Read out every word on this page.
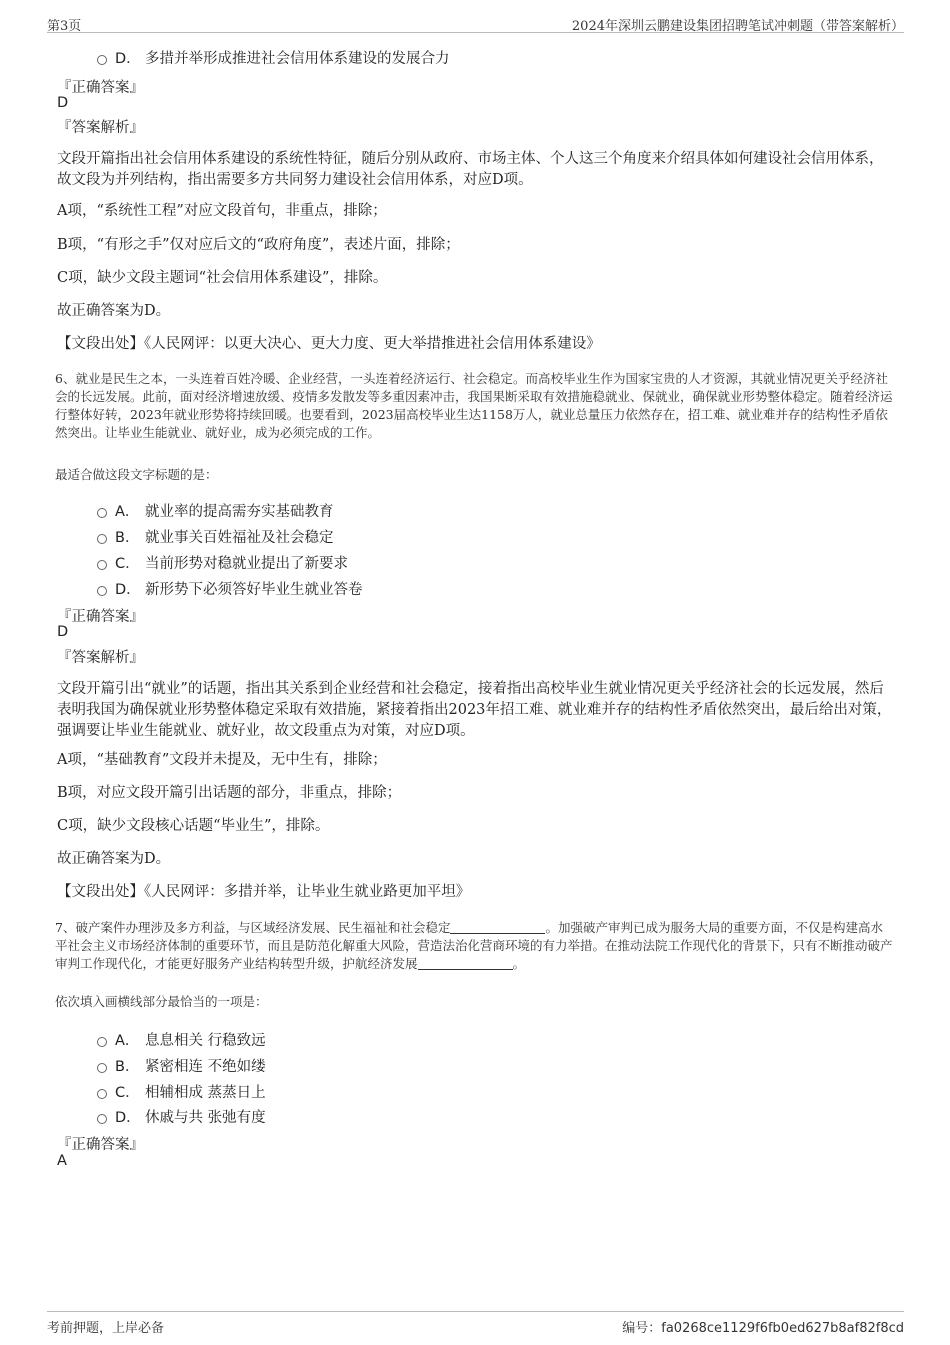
第3页	2024年深圳云鹏建设集团招聘笔试冲刺题（带答案解析）
D． 多措并举形成推进社会信用体系建设的发展合力
『正确答案』
D
『答案解析』
文段开篇指出社会信用体系建设的系统性特征，随后分别从政府、市场主体、个人这三个角度来介绍具体如何建设社会信用体系，故文段为并列结构，指出需要多方共同努力建设社会信用体系，对应D项。
A项，“系统性工程”对应文段首句，非重点，排除；
B项，“有形之手”仅对应后文的“政府角度”，表述片面，排除；
C项，缺少文段主题词“社会信用体系建设”，排除。
故正确答案为D。
【文段出处】《人民网评：以更大决心、更大力度、更大举措推进社会信用体系建设》
6、就业是民生之本，一头连着百姓冷暖、企业经营，一头连着经济运行、社会稳定。而高校毕业生作为国家宝贵的人才资源，其就业情况更关乎经济社会的长远发展。此前，面对经济增速放缓、疫情多发散发等多重因素冲击，我国果断采取有效措施稳就业、保就业，确保就业形势整体稳定。随着经济运行整体好转，2023年就业形势将持续回暖。也要看到，2023届高校毕业生达1158万人，就业总量压力依然存在，招工难、就业难并存的结构性矛盾依然突出。让毕业生能就业、就好业，成为必须完成的工作。
最适合做这段文字标题的是：
A． 就业率的提高需夯实基础教育
B． 就业事关百姓福祉及社会稳定
C． 当前形势对稳就业提出了新要求
D． 新形势下必须答好毕业生就业答卷
『正确答案』
D
『答案解析』
文段开篇引出“就业”的话题，指出其关系到企业经营和社会稳定，接着指出高校毕业生就业情况更关乎经济社会的长远发展，然后表明我国为确保就业形势整体稳定采取有效措施，紧接着指出2023年招工难、就业难并存的结构性矛盾依然突出，最后给出对策，强调要让毕业生能就业、就好业，故文段重点为对策，对应D项。
A项，“基础教育”文段并未提及，无中生有，排除；
B项，对应文段开篇引出话题的部分，非重点，排除；
C项，缺少文段核心话题“毕业生”，排除。
故正确答案为D。
【文段出处】《人民网评：多措并举，让毕业生就业路更加平坦》
7、破产案件办理涉及多方利益，与区域经济发展、民生福祉和社会稳定	。加强破产审判已成为服务大局的重要方面，不仅是构建高水平社会主义市场经济体制的重要环节，而且是防范化解重大风险，营造法治化营商环境的有力举措。在推动法院工作现代化的背景下，只有不断推动破产审判工作现代化，才能更好服务产业结构转型升级，护航经济发展	。
依次填入画横线部分最恰当的一项是：
A． 息息相关 行稳致远
B． 紧密相连 不绝如缕
C． 相辅相成 蒸蒸日上
D． 休戚与共 张弛有度
『正确答案』
A
考前押题，上岸必备	编号：fa0268ce1129f6fb0ed627b8af82f8cd
